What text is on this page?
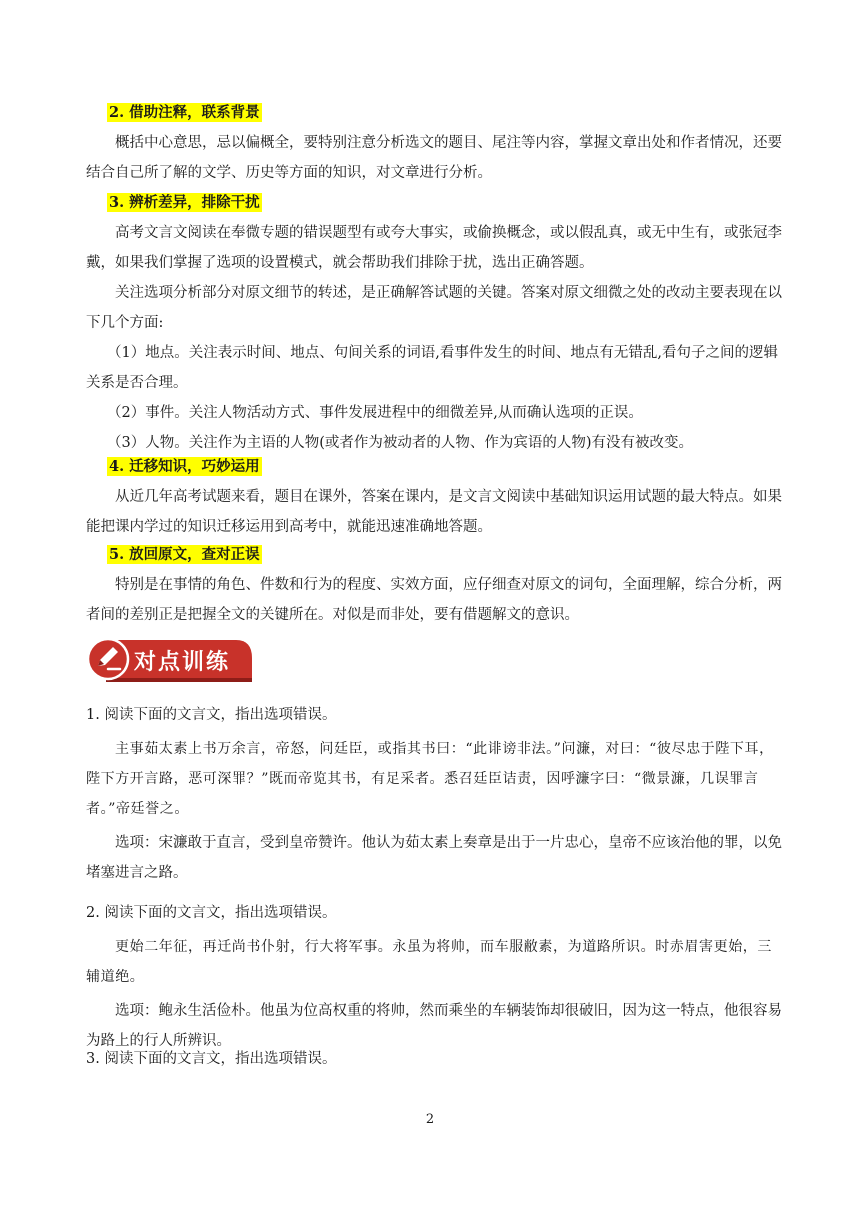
2. 借助注释，联系背景

概括中心意思，忌以偏概全，要特别注意分析选文的题目、尾注等内容，掌握文章出处和作者情况，还要结合自己所了解的文学、历史等方面的知识，对文章进行分析。

3. 辨析差异，排除干扰

高考文言文阅读在奉微专题的错误题型有或夸大事实，或偷换概念，或以假乱真，或无中生有，或张冠李戴，如果我们掌握了选项的设置模式，就会帮助我们排除于扰，选出正确答题。

关注选项分析部分对原文细节的转述，是正确解答试题的关键。答案对原文细微之处的改动主要表现在以下几个方面:

（1）地点。关注表示时间、地点、句间关系的词语,看事件发生的时间、地点有无错乱,看句子之间的逻辑关系是否合理。

（2）事件。关注人物活动方式、事件发展进程中的细微差异,从而确认选项的正误。

（3）人物。关注作为主语的人物(或者作为被动者的人物、作为宾语的人物)有没有被改变。

4. 迁移知识，巧妙运用

从近几年高考试题来看，题目在课外，答案在课内，是文言文阅读中基础知识运用试题的最大特点。如果能把课内学过的知识迁移运用到高考中，就能迅速准确地答题。

5. 放回原文，查对正误

特别是在事情的角色、件数和行为的程度、实效方面，应仔细查对原文的词句，全面理解，综合分析，两者间的差别正是把握全文的关键所在。对似是而非处，要有借题解文的意识。

对点训练

1. 阅读下面的文言文，指出选项错误。

主事茹太素上书万余言，帝怒，问廷臣，或指其书曰：“此诽谤非法。”问濂，对曰：“彼尽忠于陛下耳，陛下方开言路，恶可深罪？”既而帝览其书，有足采者。悉召廷臣诘责，因呼濂字曰：“微景濂，几误罪言者。”帝廷誉之。

选项：宋濂敢于直言，受到皇帝赞许。他认为茹太素上奏章是出于一片忠心，皇帝不应该治他的罪，以免堵塞进言之路。

2. 阅读下面的文言文，指出选项错误。

更始二年征，再迁尚书仆射，行大将军事。永虽为将帅，而车服敝素，为道路所识。时赤眉害更始，三辅道绝。

选项：鲍永生活俭朴。他虽为位高权重的将帅，然而乘坐的车辆装饰却很破旧，因为这一特点，他很容易为路上的行人所辨识。

3. 阅读下面的文言文，指出选项错误。

2
